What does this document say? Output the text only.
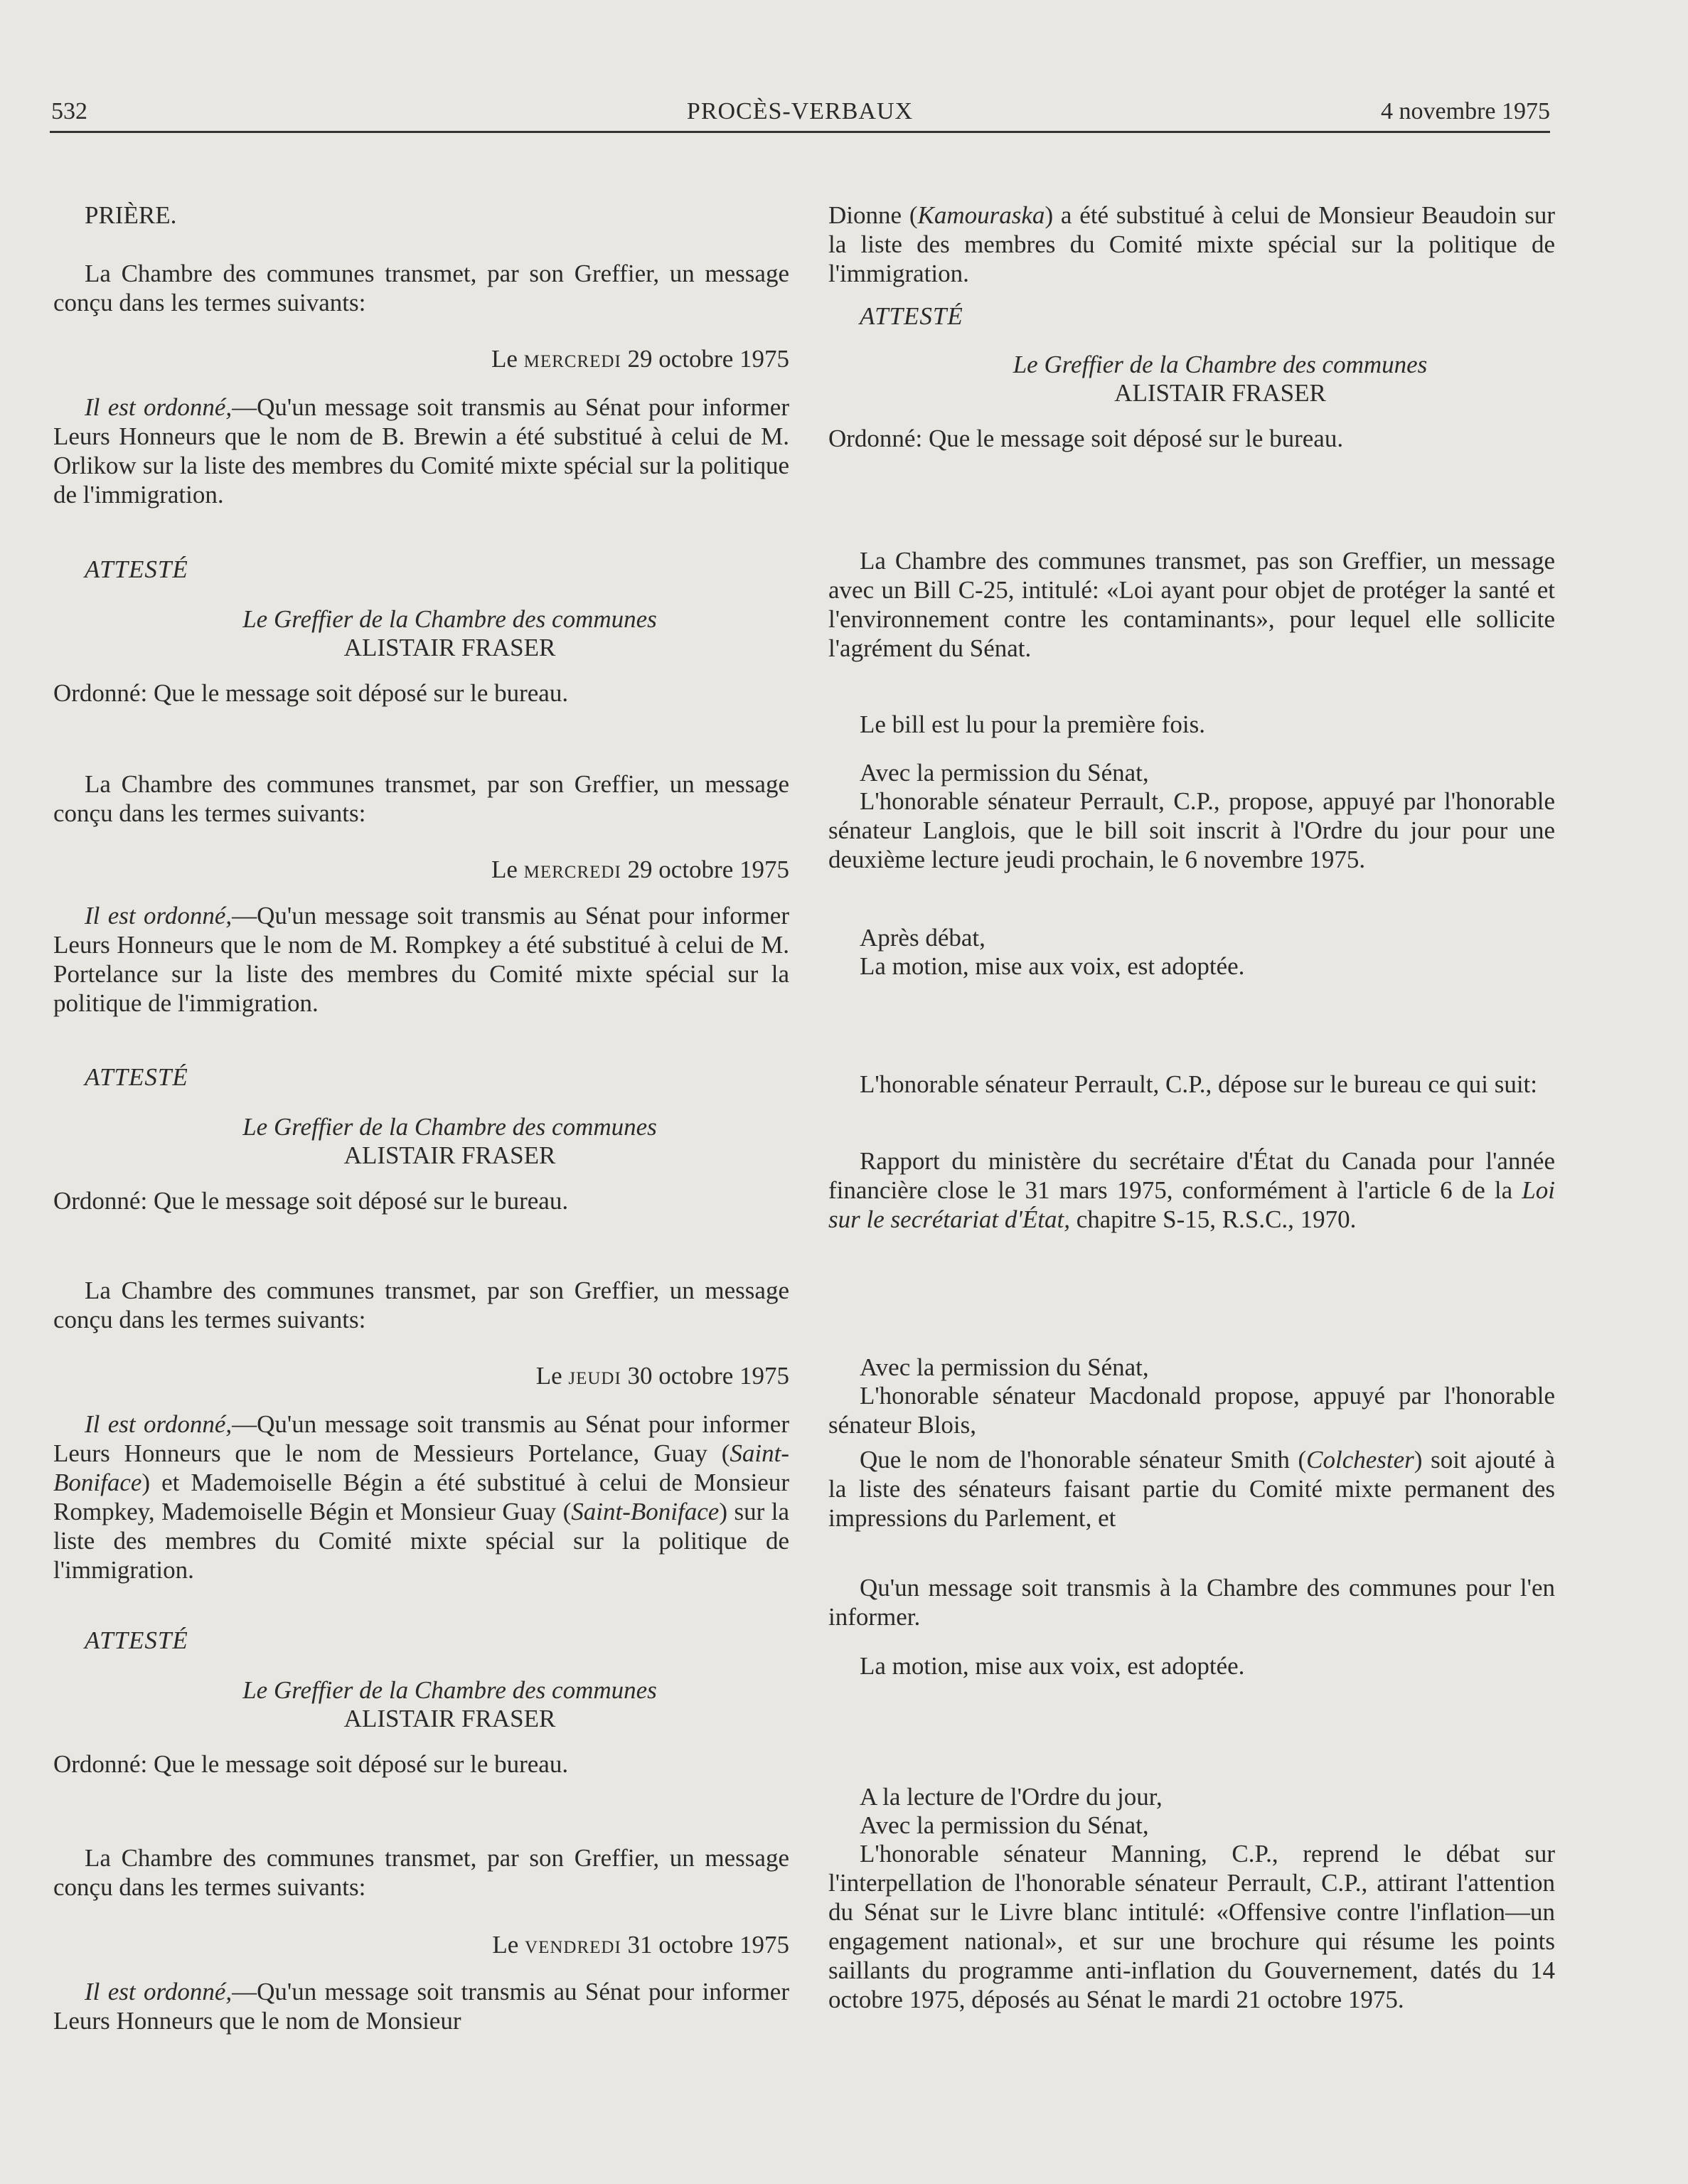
532	PROCÈS-VERBAUX	4 novembre 1975
PRIÈRE.
La Chambre des communes transmet, par son Greffier, un message conçu dans les termes suivants:
Le mercredi 29 octobre 1975
Il est ordonné,—Qu'un message soit transmis au Sénat pour informer Leurs Honneurs que le nom de B. Brewin a été substitué à celui de M. Orlikow sur la liste des membres du Comité mixte spécial sur la politique de l'immigration.
ATTESTÉ
Le Greffier de la Chambre des communes
ALISTAIR FRASER
Ordonné: Que le message soit déposé sur le bureau.
La Chambre des communes transmet, par son Greffier, un message conçu dans les termes suivants:
Le mercredi 29 octobre 1975
Il est ordonné,—Qu'un message soit transmis au Sénat pour informer Leurs Honneurs que le nom de M. Rompkey a été substitué à celui de M. Portelance sur la liste des membres du Comité mixte spécial sur la politique de l'immigration.
ATTESTÉ
Le Greffier de la Chambre des communes
ALISTAIR FRASER
Ordonné: Que le message soit déposé sur le bureau.
La Chambre des communes transmet, par son Greffier, un message conçu dans les termes suivants:
Le jeudi 30 octobre 1975
Il est ordonné,—Qu'un message soit transmis au Sénat pour informer Leurs Honneurs que le nom de Messieurs Portelance, Guay (Saint-Boniface) et Mademoiselle Bégin a été substitué à celui de Monsieur Rompkey, Mademoiselle Bégin et Monsieur Guay (Saint-Boniface) sur la liste des membres du Comité mixte spécial sur la politique de l'immigration.
ATTESTÉ
Le Greffier de la Chambre des communes
ALISTAIR FRASER
Ordonné: Que le message soit déposé sur le bureau.
La Chambre des communes transmet, par son Greffier, un message conçu dans les termes suivants:
Le vendredi 31 octobre 1975
Il est ordonné,—Qu'un message soit transmis au Sénat pour informer Leurs Honneurs que le nom de Monsieur
Dionne (Kamouraska) a été substitué à celui de Monsieur Beaudoin sur la liste des membres du Comité mixte spécial sur la politique de l'immigration.
ATTESTÉ
Le Greffier de la Chambre des communes
ALISTAIR FRASER
Ordonné: Que le message soit déposé sur le bureau.
La Chambre des communes transmet, pas son Greffier, un message avec un Bill C-25, intitulé: «Loi ayant pour objet de protéger la santé et l'environnement contre les contaminants», pour lequel elle sollicite l'agrément du Sénat.
Le bill est lu pour la première fois.
Avec la permission du Sénat,
L'honorable sénateur Perrault, C.P., propose, appuyé par l'honorable sénateur Langlois, que le bill soit inscrit à l'Ordre du jour pour une deuxième lecture jeudi prochain, le 6 novembre 1975.
Après débat,
La motion, mise aux voix, est adoptée.
L'honorable sénateur Perrault, C.P., dépose sur le bureau ce qui suit:
Rapport du ministère du secrétaire d'État du Canada pour l'année financière close le 31 mars 1975, conformément à l'article 6 de la Loi sur le secrétariat d'État, chapitre S-15, R.S.C., 1970.
Avec la permission du Sénat,
L'honorable sénateur Macdonald propose, appuyé par l'honorable sénateur Blois,
Que le nom de l'honorable sénateur Smith (Colchester) soit ajouté à la liste des sénateurs faisant partie du Comité mixte permanent des impressions du Parlement, et
Qu'un message soit transmis à la Chambre des communes pour l'en informer.
La motion, mise aux voix, est adoptée.
A la lecture de l'Ordre du jour,
Avec la permission du Sénat,
L'honorable sénateur Manning, C.P., reprend le débat sur l'interpellation de l'honorable sénateur Perrault, C.P., attirant l'attention du Sénat sur le Livre blanc intitulé: «Offensive contre l'inflation—un engagement national», et sur une brochure qui résume les points saillants du programme anti-inflation du Gouvernement, datés du 14 octobre 1975, déposés au Sénat le mardi 21 octobre 1975.
